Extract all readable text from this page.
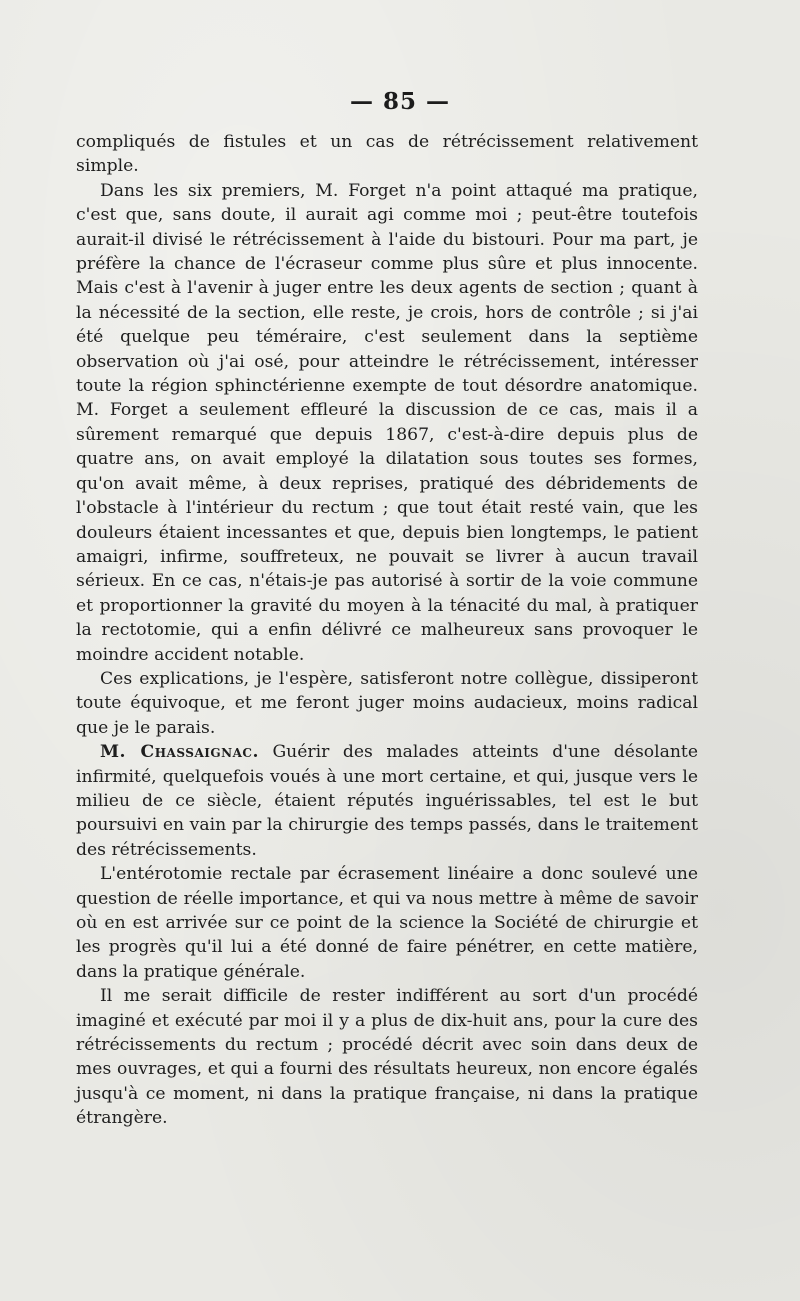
— 85 —

compliqués de fistules et un cas de rétrécissement relativement simple.

Dans les six premiers, M. Forget n'a point attaqué ma pratique, c'est que, sans doute, il aurait agi comme moi ; peut-être toutefois aurait-il divisé le rétrécissement à l'aide du bistouri. Pour ma part, je préfère la chance de l'écraseur comme plus sûre et plus innocente. Mais c'est à l'avenir à juger entre les deux agents de section ; quant à la nécessité de la section, elle reste, je crois, hors de contrôle ; si j'ai été quelque peu téméraire, c'est seulement dans la septième observation où j'ai osé, pour atteindre le rétrécissement, intéresser toute la région sphinctérienne exempte de tout désordre anatomique. M. Forget a seulement effleuré la discussion de ce cas, mais il a sûrement remarqué que depuis 1867, c'est-à-dire depuis plus de quatre ans, on avait employé la dilatation sous toutes ses formes, qu'on avait même, à deux reprises, pratiqué des débridements de l'obstacle à l'intérieur du rectum ; que tout était resté vain, que les douleurs étaient incessantes et que, depuis bien longtemps, le patient amaigri, infirme, souffreteux, ne pouvait se livrer à aucun travail sérieux. En ce cas, n'étais-je pas autorisé à sortir de la voie commune et proportionner la gravité du moyen à la ténacité du mal, à pratiquer la rectotomie, qui a enfin délivré ce malheureux sans provoquer le moindre accident notable.

Ces explications, je l'espère, satisferont notre collègue, dissiperont toute équivoque, et me feront juger moins audacieux, moins radical que je le parais.

M. Chassaignac. Guérir des malades atteints d'une désolante infirmité, quelquefois voués à une mort certaine, et qui, jusque vers le milieu de ce siècle, étaient réputés inguérissables, tel est le but poursuivi en vain par la chirurgie des temps passés, dans le traitement des rétrécissements.

L'entérotomie rectale par écrasement linéaire a donc soulevé une question de réelle importance, et qui va nous mettre à même de savoir où en est arrivée sur ce point de la science la Société de chirurgie et les progrès qu'il lui a été donné de faire pénétrer, en cette matière, dans la pratique générale.

Il me serait difficile de rester indifférent au sort d'un procédé imaginé et exécuté par moi il y a plus de dix-huit ans, pour la cure des rétrécissements du rectum ; procédé décrit avec soin dans deux de mes ouvrages, et qui a fourni des résultats heureux, non encore égalés jusqu'à ce moment, ni dans la pratique française, ni dans la pratique étrangère.
